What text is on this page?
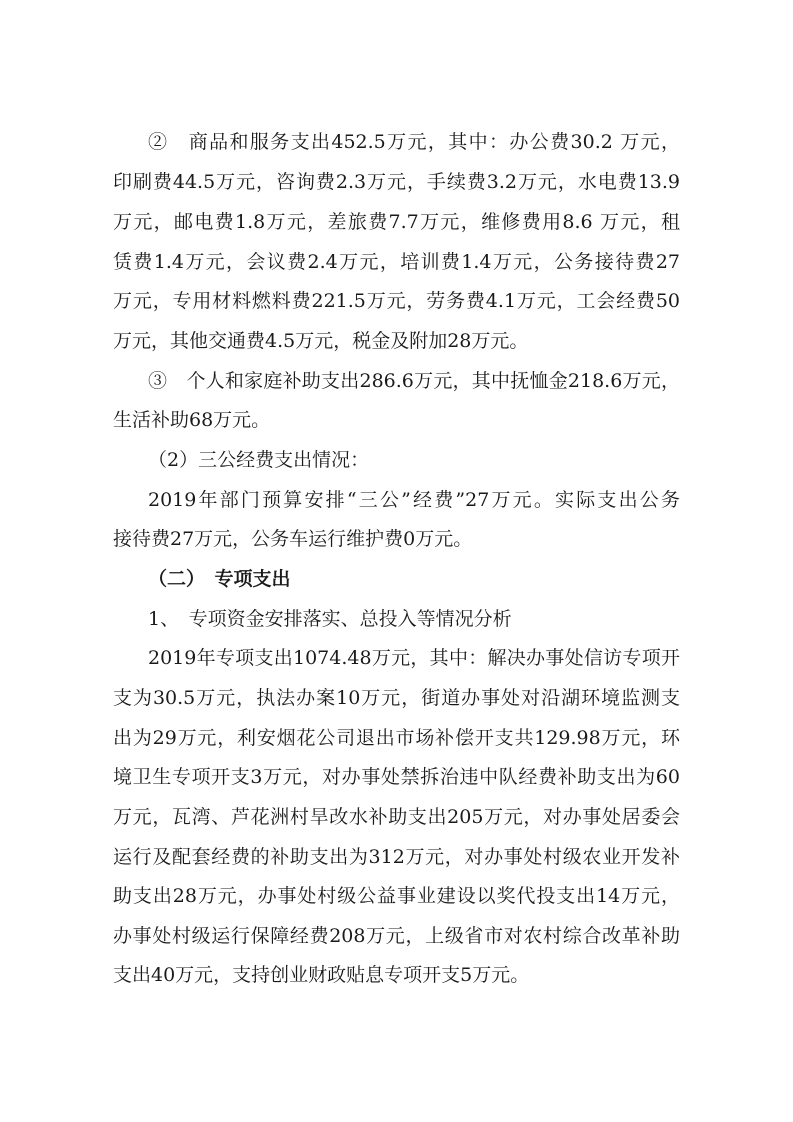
②　商品和服务支出452.5万元，其中：办公费30.2 万元，
印刷费44.5万元，咨询费2.3万元，手续费3.2万元，水电费13.9
万元，邮电费1.8万元，差旅费7.7万元，维修费用8.6 万元，租
赁费1.4万元，会议费2.4万元，培训费1.4万元，公务接待费27
万元，专用材料燃料费221.5万元，劳务费4.1万元，工会经费50
万元，其他交通费4.5万元，税金及附加28万元。
③　个人和家庭补助支出286.6万元，其中抚恤金218.6万元，
生活补助68万元。
（2）三公经费支出情况：
2019年部门预算安排“三公”经费”27万元。实际支出公务
接待费27万元，公务车运行维护费0万元。
（二）　专项支出
1、　专项资金安排落实、总投入等情况分析
2019年专项支出1074.48万元，其中：解决办事处信访专项开
支为30.5万元，执法办案10万元，街道办事处对沿湖环境监测支
出为29万元，利安烟花公司退出市场补偿开支共129.98万元，环
境卫生专项开支3万元，对办事处禁拆治违中队经费补助支出为60
万元，瓦湾、芦花洲村旱改水补助支出205万元，对办事处居委会
运行及配套经费的补助支出为312万元，对办事处村级农业开发补
助支出28万元，办事处村级公益事业建设以奖代投支出14万元，
办事处村级运行保障经费208万元，上级省市对农村综合改革补助
支出40万元，支持创业财政贴息专项开支5万元。
